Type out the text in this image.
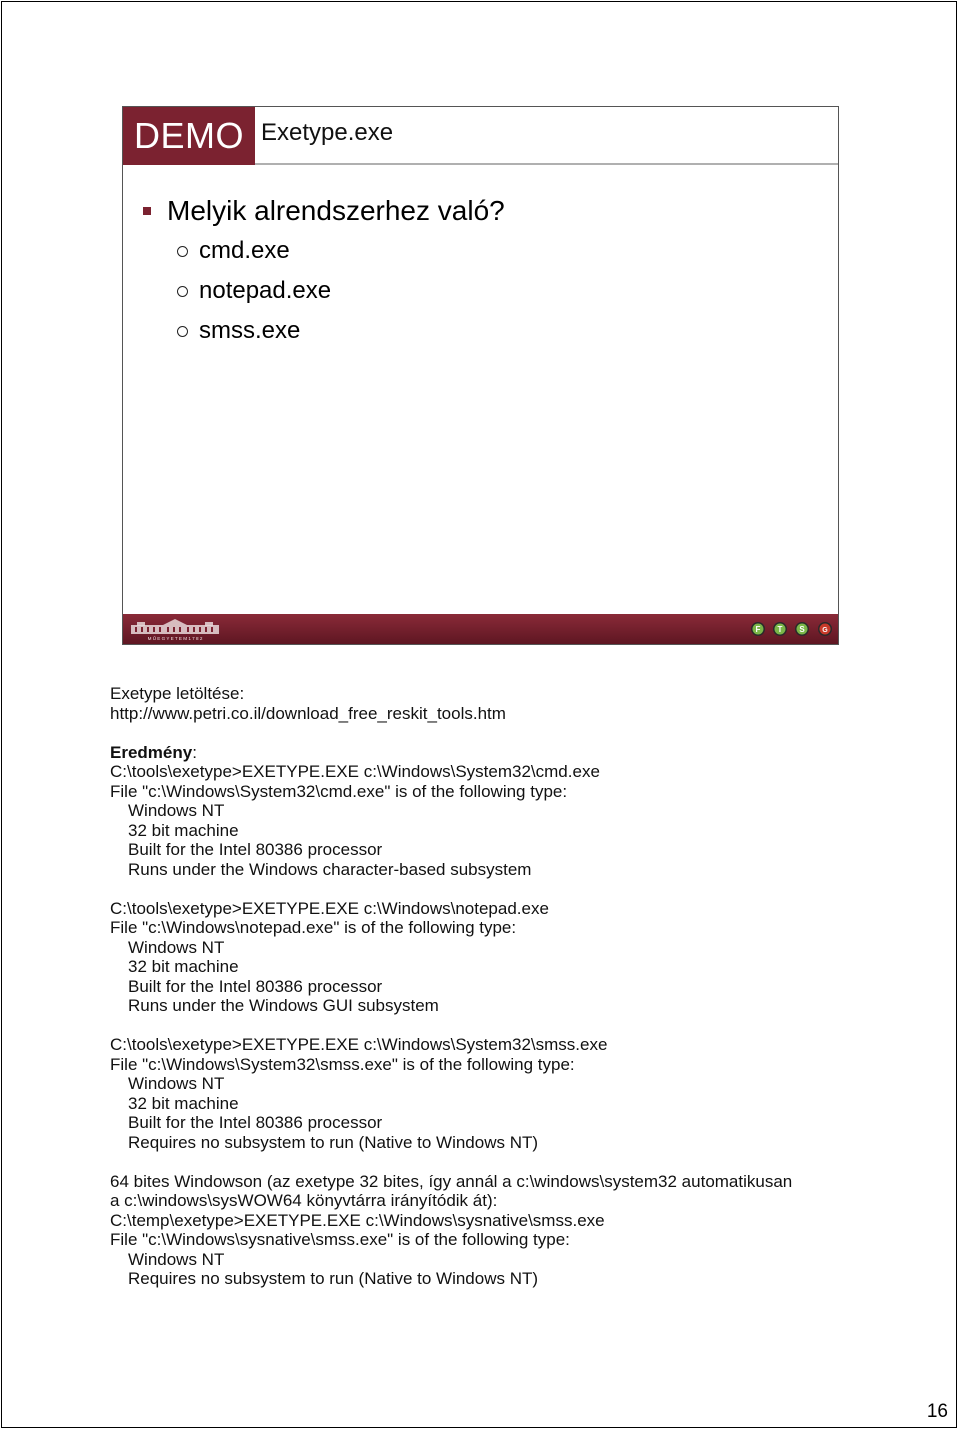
DEMO Exetype.exe
Melyik alrendszerhez való?
cmd.exe
notepad.exe
smss.exe
M Ű E G Y E T E M 1 7 8 2
F T S	G
Exetype letöltése:
http://www.petri.co.il/download_free_reskit_tools.htm
Eredmény:
C:\tools\exetype>EXETYPE.EXE c:\Windows\System32\cmd.exe
File "c:\Windows\System32\cmd.exe" is of the following type:
Windows NT
32 bit machine
Built for the Intel 80386 processor
Runs under the Windows character-based subsystem
C:\tools\exetype>EXETYPE.EXE c:\Windows\notepad.exe
File "c:\Windows\notepad.exe" is of the following type:
Windows NT
32 bit machine
Built for the Intel 80386 processor
Runs under the Windows GUI subsystem
C:\tools\exetype>EXETYPE.EXE c:\Windows\System32\smss.exe
File "c:\Windows\System32\smss.exe" is of the following type:
Windows NT
32 bit machine
Built for the Intel 80386 processor
Requires no subsystem to run (Native to Windows NT)
64 bites Windowson (az exetype 32 bites, így annál a c:\windows\system32 automatikusan
a c:\windows\sysWOW64 könyvtárra irányítódik át):
C:\temp\exetype>EXETYPE.EXE c:\Windows\sysnative\smss.exe
File "c:\Windows\sysnative\smss.exe" is of the following type:
Windows NT
Requires no subsystem to run (Native to Windows NT)
16
